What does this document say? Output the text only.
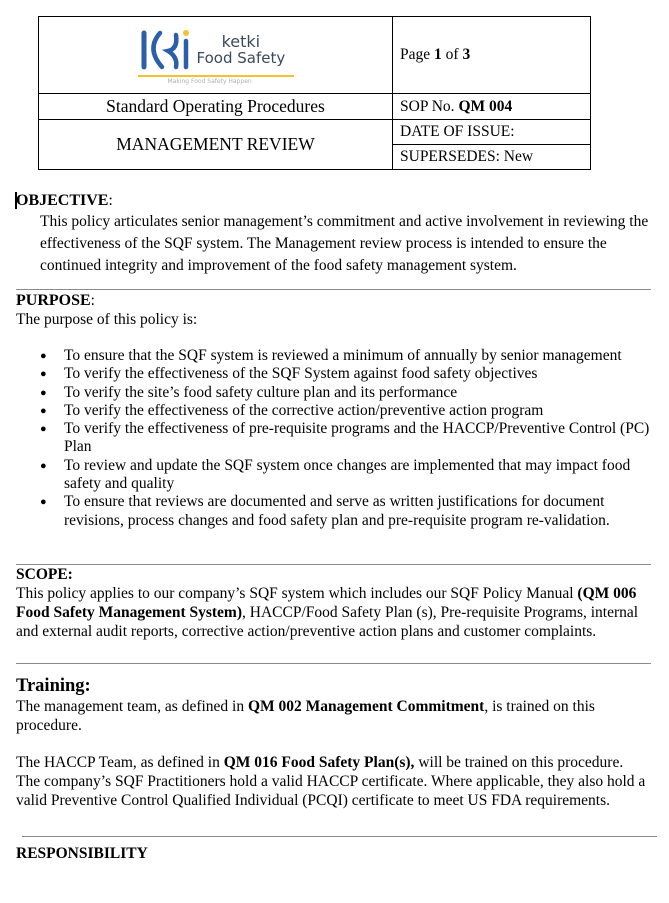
ketki
Food Safety
Making Food Safety Happen	Page 1 of 3
Standard Operating Procedures	SOP No. QM 004
MANAGEMENT REVIEW	DATE OF ISSUE:
	SUPERSEDES: New
OBJECTIVE:
This policy articulates senior management’s commitment and active involvement in reviewing the effectiveness of the SQF system. The Management review process is intended to ensure the continued integrity and improvement of the food safety management system.
PURPOSE:
The purpose of this policy is:
● To ensure that the SQF system is reviewed a minimum of annually by senior management
● To verify the effectiveness of the SQF System against food safety objectives
● To verify the site’s food safety culture plan and its performance
● To verify the effectiveness of the corrective action/preventive action program
● To verify the effectiveness of pre-requisite programs and the HACCP/Preventive Control (PC) Plan
● To review and update the SQF system once changes are implemented that may impact food safety and quality
● To ensure that reviews are documented and serve as written justifications for document revisions, process changes and food safety plan and pre-requisite program re-validation.
SCOPE:
This policy applies to our company’s SQF system which includes our SQF Policy Manual (QM 006 Food Safety Management System), HACCP/Food Safety Plan (s), Pre-requisite Programs, internal and external audit reports, corrective action/preventive action plans and customer complaints.
Training:
The management team, as defined in QM 002 Management Commitment, is trained on this procedure.
The HACCP Team, as defined in QM 016 Food Safety Plan(s), will be trained on this procedure. The company’s SQF Practitioners hold a valid HACCP certificate. Where applicable, they also hold a valid Preventive Control Qualified Individual (PCQI) certificate to meet US FDA requirements.
RESPONSIBILITY
